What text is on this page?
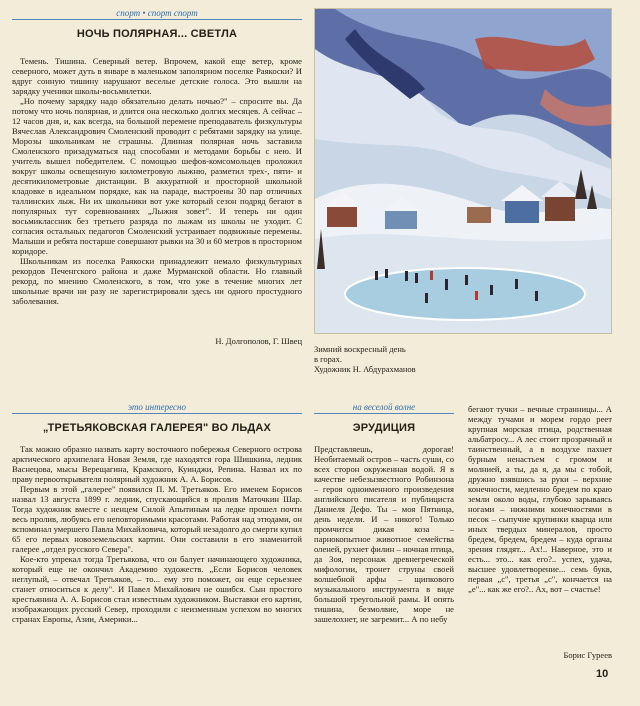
спорт • спорт спорт
НОЧЬ ПОЛЯРНАЯ... СВЕТЛА

Темень. Тишина. Северный ветер. Впрочем, какой еще ветер, кроме северного, может дуть в январе в маленьком заполярном поселке Раякоски? И вдруг сонную тишину нарушают веселые детские голоса. Это вышли на зарядку ученики школы-восьмилетки.

„Но почему зарядку надо обязательно делать ночью?" – спросите вы. Да потому что ночь полярная, и длится она несколько долгих месяцев. А сейчас – 12 часов дня, и, как всегда, на большой перемене преподаватель физкультуры Вячеслав Александрович Смоленский проводит с ребятами зарядку на улице. Морозы школьникам не страшны. Длинная полярная ночь заставила Смоленского призадуматься над способами и методами борьбы с нею. И учитель вышел победителем. С помощью шефов-комсомольцев проложил вокруг школы освещенную километровую лыжню, разметил трех-, пяти- и десятикилометровые дистанции. В аккуратной и просторной школьной кладовке в идеальном порядке, как на параде, выстроены 30 пар отличных таллинских лыж. Ни их школьники вот уже который сезон подряд бегают в популярных тут соревнованиях „Лыжня зовет". И теперь ни один восьмиклассник без третьего разряда по лыжам из школы не уходит. С согласия остальных педагогов Смоленский устраивает подвижные перемены. Малыши и ребята постарше совершают рывки на 30 и 60 метров в просторном коридоре.

Школьникам из поселка Раякоски принадлежит немало физкультурных рекордов Печенгского района и даже Мурманской области. Но главный рекорд, по мнению Смоленского, в том, что уже в течение многих лет школьные врачи ни разу не зарегистрировали здесь ни одного простудного заболевания.

Н. Долгополов, Г. Швец
Зимний воскресный день
в горах.
Художник Н. Абдурахманов
это интересно
„ТРЕТЬЯКОВСКАЯ ГАЛЕРЕЯ" ВО ЛЬДАХ

Так можно образно назвать карту восточного побережья Северного острова арктического архипелага Новая Земля, где находятся гора Шишкина, ледник Васнецова, мысы Верещагина, Крамского, Куинджи, Репина. Назвал их по праву первооткрывателя полярный художник А. А. Борисов.

Первым в этой „галерее" появился П. М. Третьяков. Его именем Борисов назвал 13 августа 1899 г. ледник, спускающийся в пролив Маточкин Шар. Тогда художник вместе с ненцем Силой Апытиным на ледке прошел почти весь пролив, любуясь его неповторимыми красотами. Работая над этюдами, он вспоминал умершего Павла Михайловича, который незадолго до смерти купил 65 его первых новоземельских картин. Они составили в его знаменитой галерее „отдел русского Севера".

Кое-кто упрекал тогда Третьякова, что он балует начинающего художника, который еще не окончил Академию художеств. „Если Борисов человек неглупый, – отвечал Третьяков, – то... ему это поможет, он еще серьезнее станет относиться к делу". И Павел Михайлович не ошибся. Сын простого крестьянина А. А. Борисов стал известным художником. Выставки его картин, изображающих русский Север, проходили с неизменным успехом во многих странах Европы, Азии, Америки...

на веселой волне
ЭРУДИЦИЯ
Представляешь, дорогая! Необитаемый остров – часть суши, со всех сторон окруженная водой. Я в качестве небезызвестного Робинзона – героя одноименного произведения английского писателя и публициста Даниеля Дефо. Ты – моя Пятница, день недели. И – никого! Только промчится дикая коза – парнокопытное животное семейства оленей, рухнет филин – ночная птица, да Зоя, персонаж древнегреческой мифологии, тронет струны своей волшебной арфы – щипкового музыкального инструмента в виде большой треугольной рамы. И опять тишина, безмолвие, море не зашелохнет, не загремит... А по небу
бегают тучки – вечные странницы... А между тучами и морем гордо реет крупная морская птица, родственная альбатросу... А лес стоит прозрачный и таинственный, а в воздухе пахнет бурным ненастьем с громом и молнией, а ты, да я, да мы с тобой, дружно взявшись за руки – верхние конечности, медленно бредем по краю земли около воды, глубоко зарываясь ногами – нижними конечностями в песок – сыпучие крупинки кварца или иных твердых минералов, просто бредем, бредем, бредем – куда органы зрения глядят... Ах!.. Наверное, это и есть... это... как его?.. успех, удача, высшее удовлетворение... семь букв, первая „с", третья „с", кончается на „е"... как же его?.. Ах, вот – счастье!
Борис Гуреев
10
